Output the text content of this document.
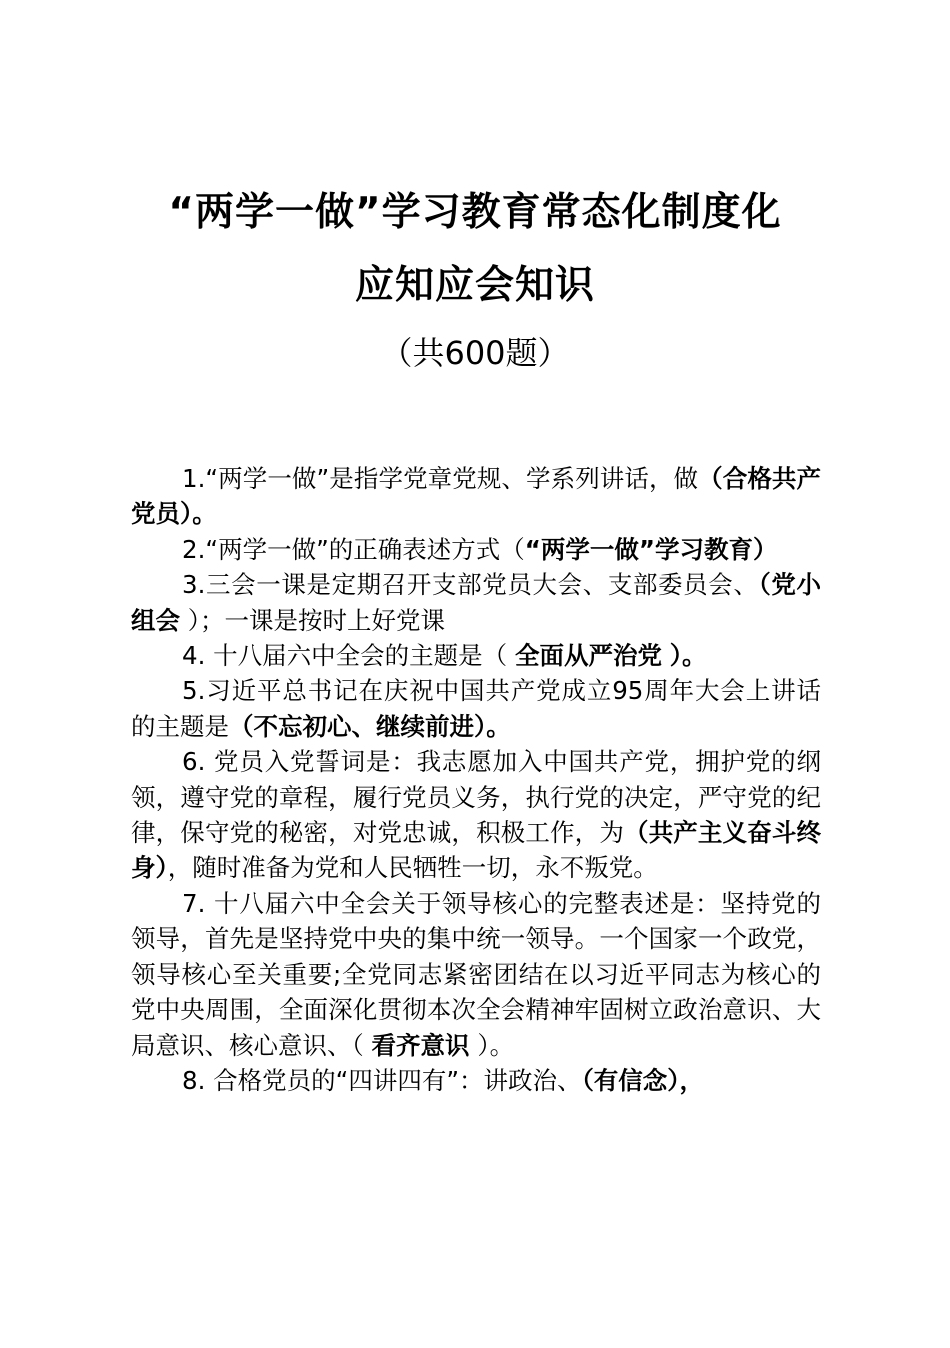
“两学一做”学习教育常态化制度化
应知应会知识
（共600题）

1.“两学一做”是指学党章党规、学系列讲话，做（合格共产党员）。

2.“两学一做”的正确表述方式（“两学一做”学习教育）

3.三会一课是定期召开支部党员大会、支部委员会、（党小组会 ）；一课是按时上好党课

4. 十八届六中全会的主题是（ 全面从严治党 ）。

5.习近平总书记在庆祝中国共产党成立95周年大会上讲话的主题是（不忘初心、继续前进）。

6. 党员入党誓词是：我志愿加入中国共产党，拥护党的纲领，遵守党的章程，履行党员义务，执行党的决定，严守党的纪律，保守党的秘密，对党忠诚，积极工作，为（共产主义奋斗终身），随时准备为党和人民牺牲一切，永不叛党。

7. 十八届六中全会关于领导核心的完整表述是：坚持党的领导，首先是坚持党中央的集中统一领导。一个国家一个政党，领导核心至关重要;全党同志紧密团结在以习近平同志为核心的党中央周围，全面深化贯彻本次全会精神牢固树立政治意识、大局意识、核心意识、（ 看齐意识 ）。

8. 合格党员的“四讲四有”：讲政治、（有信念），
